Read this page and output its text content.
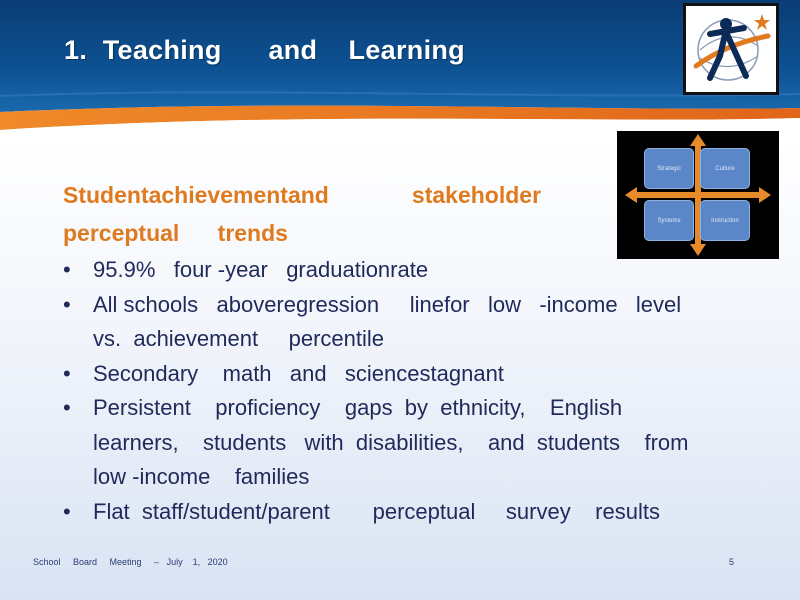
1.  Teaching      and    Learning
Strategic	Culture
Systems	Instruction
Studentachievementand             stakeholder
perceptual      trends
•	95.9%   four -year   graduationrate
•	All schools   aboveregression     linefor   low   -income   level
vs.  achievement     percentile
•	Secondary    math   and   sciencestagnant
•	Persistent    proficiency    gaps  by  ethnicity,    English
learners,    students   with  disabilities,    and  students    from
low -income    families
•	Flat  staff/student/parent       perceptual     survey    results
School     Board     Meeting     –   July    1,   2020	5
